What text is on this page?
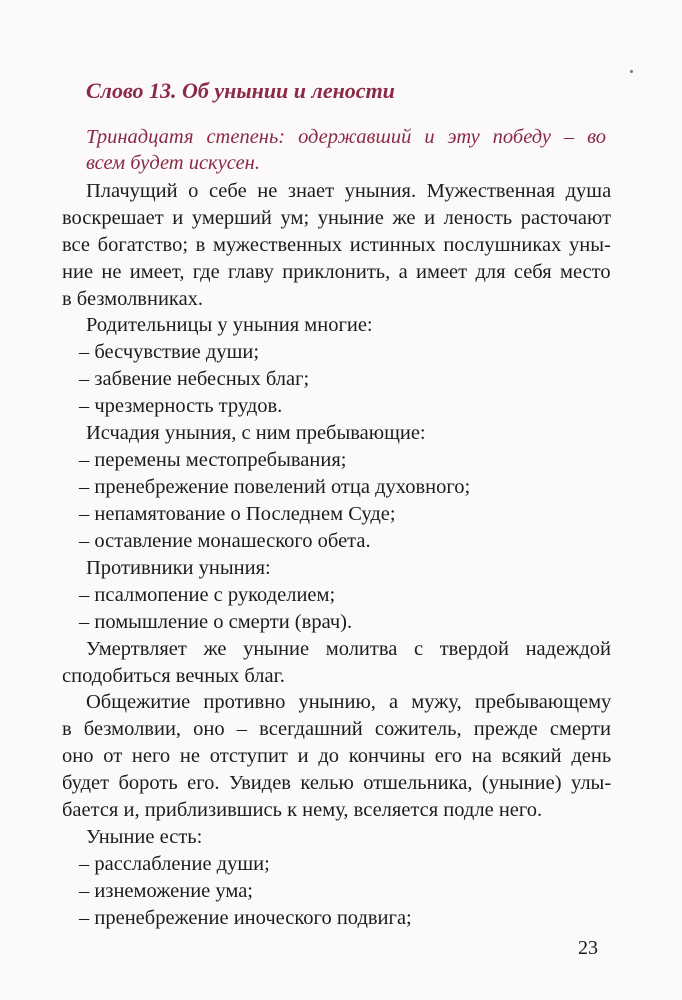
Слово 13. Об унынии и лености
Тринадцатя степень: одержавший и эту победу – во
всем будет искусен.
Плачущий о себе не знает уныния. Мужественная душа
воскрешает и умерший ум; уныние же и леность расточают
все богатство; в мужественных истинных послушниках уны-
ние не имеет, где главу приклонить, а имеет для себя место
в безмолвниках.
Родительницы у уныния многие:
– бесчувствие души;
– забвение небесных благ;
– чрезмерность трудов.
Исчадия уныния, с ним пребывающие:
– перемены местопребывания;
– пренебрежение повелений отца духовного;
– непамятование о Последнем Суде;
– оставление монашеского обета.
Противники уныния:
– псалмопение с рукоделием;
– помышление о смерти (врач).
Умертвляет же уныние молитва с твердой надеждой
сподобиться вечных благ.
Общежитие противно унынию, а мужу, пребывающему
в безмолвии, оно – всегдашний сожитель, прежде смерти
оно от него не отступит и до кончины его на всякий день
будет бороть его. Увидев келью отшельника, (уныние) улы-
бается и, приблизившись к нему, вселяется подле него.
Уныние есть:
– расслабление души;
– изнеможение ума;
– пренебрежение иноческого подвига;
23
